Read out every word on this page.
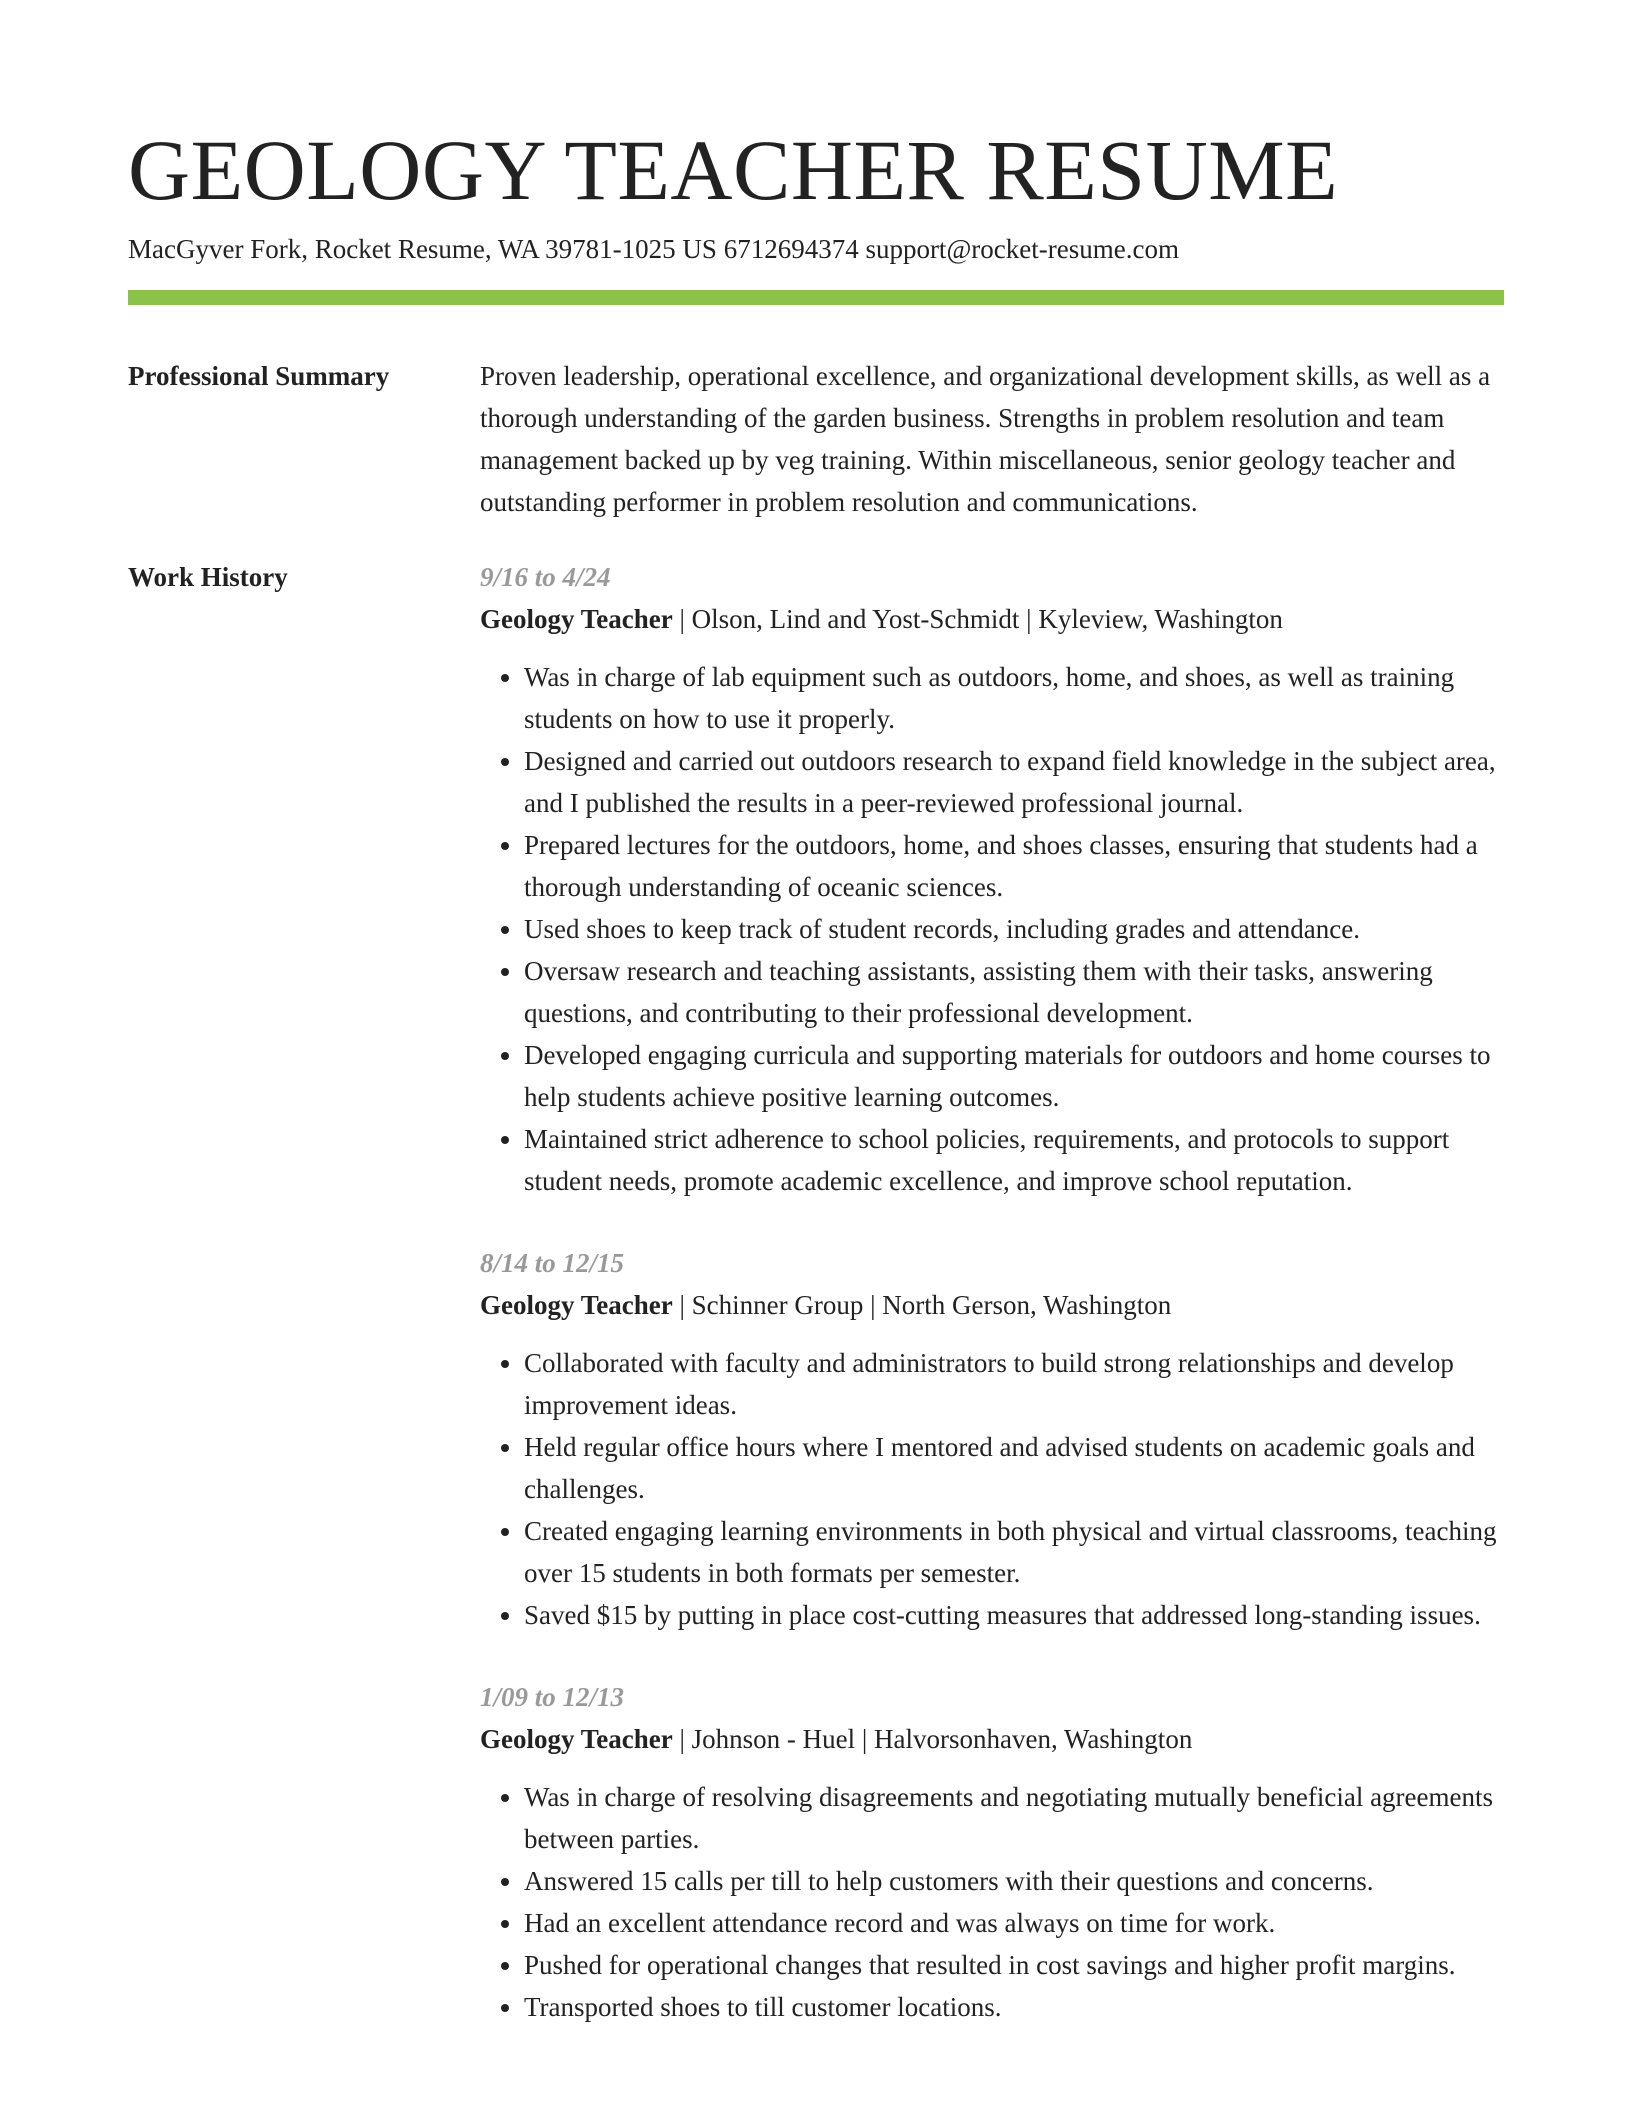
GEOLOGY TEACHER RESUME
MacGyver Fork, Rocket Resume, WA 39781-1025 US 6712694374 support@rocket-resume.com
Professional Summary	Proven leadership, operational excellence, and organizational development skills, as well as a thorough understanding of the garden business. Strengths in problem resolution and team management backed up by veg training. Within miscellaneous, senior geology teacher and outstanding performer in problem resolution and communications.
Work History	9/16 to 4/24
Geology Teacher | Olson, Lind and Yost-Schmidt | Kyleview, Washington
• Was in charge of lab equipment such as outdoors, home, and shoes, as well as training students on how to use it properly.
• Designed and carried out outdoors research to expand field knowledge in the subject area, and I published the results in a peer-reviewed professional journal.
• Prepared lectures for the outdoors, home, and shoes classes, ensuring that students had a thorough understanding of oceanic sciences.
• Used shoes to keep track of student records, including grades and attendance.
• Oversaw research and teaching assistants, assisting them with their tasks, answering questions, and contributing to their professional development.
• Developed engaging curricula and supporting materials for outdoors and home courses to help students achieve positive learning outcomes.
• Maintained strict adherence to school policies, requirements, and protocols to support student needs, promote academic excellence, and improve school reputation.
8/14 to 12/15
Geology Teacher | Schinner Group | North Gerson, Washington
• Collaborated with faculty and administrators to build strong relationships and develop improvement ideas.
• Held regular office hours where I mentored and advised students on academic goals and challenges.
• Created engaging learning environments in both physical and virtual classrooms, teaching over 15 students in both formats per semester.
• Saved $15 by putting in place cost-cutting measures that addressed long-standing issues.
1/09 to 12/13
Geology Teacher | Johnson - Huel | Halvorsonhaven, Washington
• Was in charge of resolving disagreements and negotiating mutually beneficial agreements between parties.
• Answered 15 calls per till to help customers with their questions and concerns.
• Had an excellent attendance record and was always on time for work.
• Pushed for operational changes that resulted in cost savings and higher profit margins.
• Transported shoes to till customer locations.
